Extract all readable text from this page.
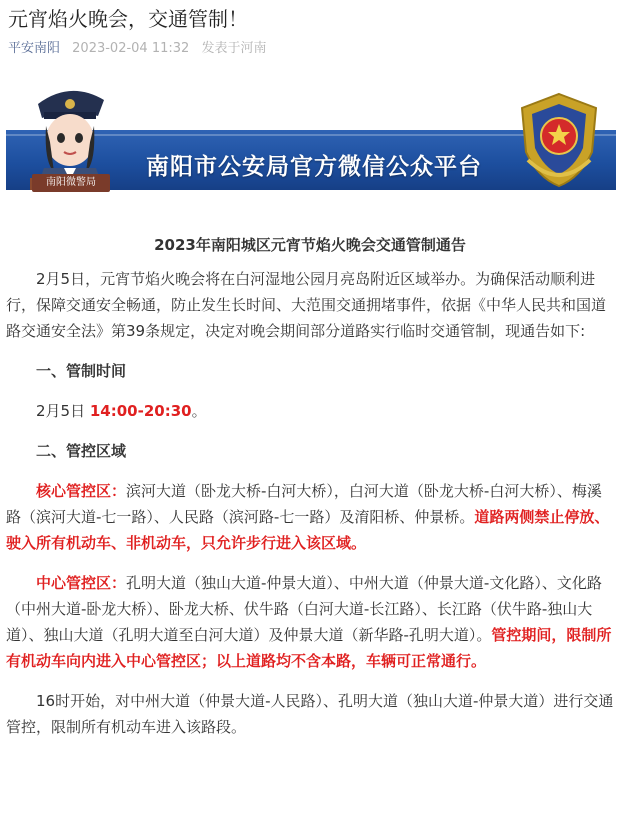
元宵焰火晚会，交通管制！
平安南阳 2023-02-04 11:32 发表于河南
南阳微警局
南阳市公安局官方微信公众平台
2023年南阳城区元宵节焰火晚会交通管制通告

2月5日，元宵节焰火晚会将在白河湿地公园月亮岛附近区域举办。为确保活动顺利进行，保障交通安全畅通，防止发生长时间、大范围交通拥堵事件，依据《中华人民共和国道路交通安全法》第39条规定，决定对晚会期间部分道路实行临时交通管制，现通告如下:

一、管制时间

2月5日 14:00-20:30。

二、管控区域

核心管控区：滨河大道（卧龙大桥-白河大桥），白河大道（卧龙大桥-白河大桥）、梅溪路（滨河大道-七一路）、人民路（滨河路-七一路）及淯阳桥、仲景桥。道路两侧禁止停放、驶入所有机动车、非机动车，只允许步行进入该区域。

中心管控区：孔明大道（独山大道-仲景大道）、中州大道（仲景大道-文化路）、文化路（中州大道-卧龙大桥）、卧龙大桥、伏牛路（白河大道-长江路）、长江路（伏牛路-独山大道）、独山大道（孔明大道至白河大道）及仲景大道（新华路-孔明大道）。管控期间，限制所有机动车向内进入中心管控区；以上道路均不含本路，车辆可正常通行。

16时开始，对中州大道（仲景大道-人民路）、孔明大道（独山大道-仲景大道）进行交通管控，限制所有机动车进入该路段。
